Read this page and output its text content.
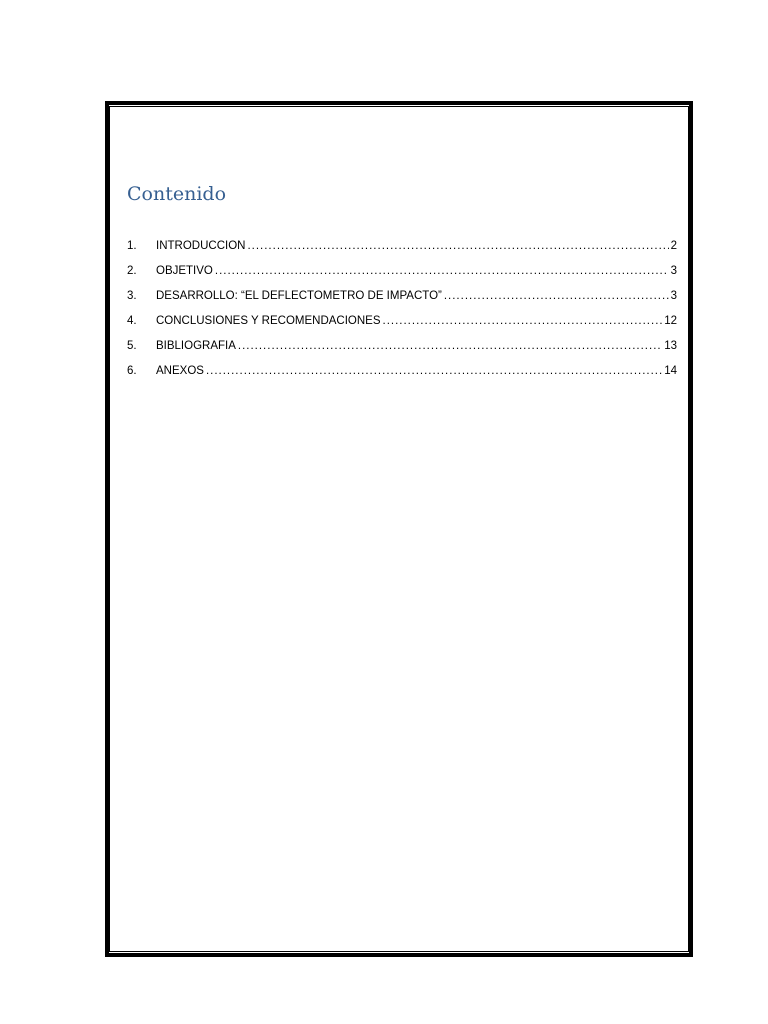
Contenido
1.	INTRODUCCION .....	2
2.	OBJETIVO .....	3
3.	DESARROLLO: “EL DEFLECTOMETRO DE IMPACTO” .....	3
4.	CONCLUSIONES Y RECOMENDACIONES .....	12
5.	BIBLIOGRAFIA .....	13
6.	ANEXOS .....	14
